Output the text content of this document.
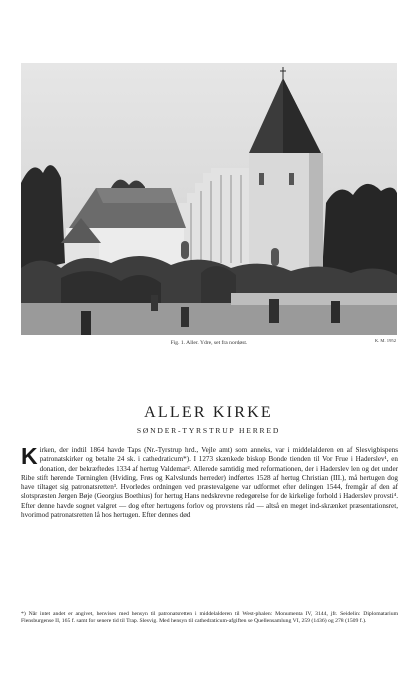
Fig. 1. Aller. Ydre, set fra nordøst.	K. M. 1952
ALLER KIRKE
SØNDER-TYRSTRUP HERRED
Kirken, der indtil 1864 havde Taps (Nr.-Tyrstrup hrd., Vejle amt) som anneks, var i middelalderen en af Slesvigbispens patronatskirker og betalte 24 sk. i cathedraticum*). I 1273 skænkede biskop Bonde tienden til Vor Frue i Haderslev¹, en donation, der bekræftedes 1334 af hertug Valdemar². Allerede samtidig med reformationen, der i Haderslev len og det under Ribe stift hørende Tørninglen (Hviding, Frøs og Kalvslunds herreder) indførtes 1528 af hertug Christian (III.), må hertugen dog have tiltaget sig patronatsretten³. Hvorledes ordningen ved præstevalgene var udformet efter delingen 1544, fremgår af den af slotspræsten Jørgen Bøje (Georgius Boethius) for hertug Hans nedskrevne redegørelse for de kirkelige forhold i Haderslev provsti⁴. Efter denne havde sognet valgret — dog efter hertugens forlov og provstens råd — altså en meget ind-skrænket præsentationsret, hvorimod patronatsretten lå hos hertugen. Efter dennes død
*) Når intet andet er angivet, henvises med hensyn til patronatsretten i middelalderen til West-phalen: Monumenta IV, 3144, jfr. Seidelin: Diplomatarium Flensburgense II, 165 f. samt for senere tid til Trap. Slesvig. Med hensyn til cathedraticum-afgiften se Quellensamlung VI, 259 (1436) og 278 (1509 f.).
